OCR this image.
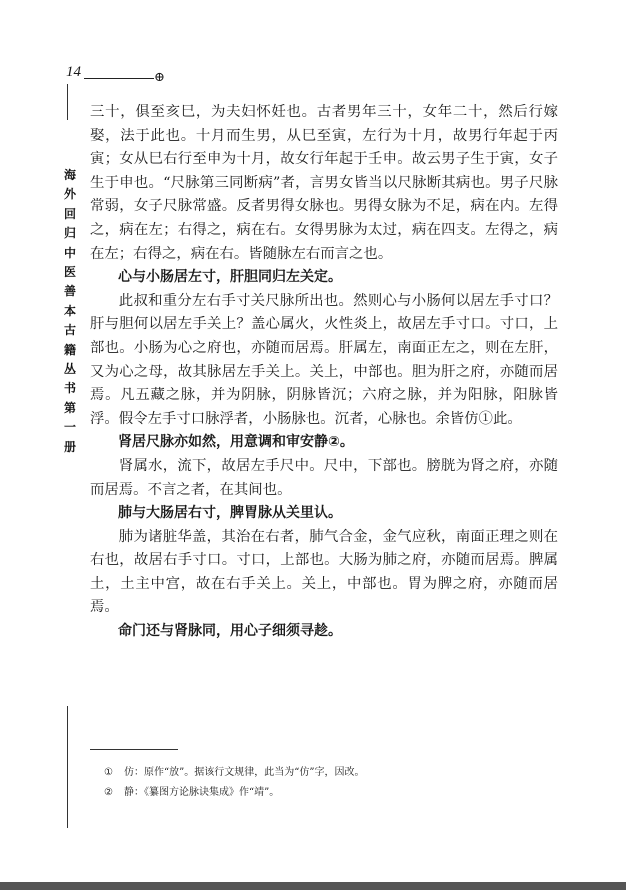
14	⊕
海外回归中医善本古籍丛书第一册

三十，俱至亥巳，为夫妇怀妊也。古者男年三十，女年二十，然后行嫁娶，法于此也。十月而生男，从巳至寅，左行为十月，故男行年起于丙寅；女从巳右行至申为十月，故女行年起于壬申。故云男子生于寅，女子生于申也。“尺脉第三同断病”者，言男女皆当以尺脉断其病也。男子尺脉常弱，女子尺脉常盛。反者男得女脉也。男得女脉为不足，病在内。左得之，病在左；右得之，病在右。女得男脉为太过，病在四支。左得之，病在左；右得之，病在右。皆随脉左右而言之也。

心与小肠居左寸，肝胆同归左关定。

此叔和重分左右手寸关尺脉所出也。然则心与小肠何以居左手寸口？肝与胆何以居左手关上？盖心属火，火性炎上，故居左手寸口。寸口，上部也。小肠为心之府也，亦随而居焉。肝属左，南面正左之，则在左肝，又为心之母，故其脉居左手关上。关上，中部也。胆为肝之府，亦随而居焉。凡五藏之脉，并为阴脉，阴脉皆沉；六府之脉，并为阳脉，阳脉皆浮。假令左手寸口脉浮者，小肠脉也。沉者，心脉也。余皆仿①此。

肾居尺脉亦如然，用意调和审安静②。

肾属水，流下，故居左手尺中。尺中，下部也。膀胱为肾之府，亦随而居焉。不言之者，在其间也。

肺与大肠居右寸，脾胃脉从关里认。

肺为诸脏华盖，其治在右者，肺气合金，金气应秋，南面正理之则在右也，故居右手寸口。寸口，上部也。大肠为肺之府，亦随而居焉。脾属土，土主中宫，故在右手关上。关上，中部也。胃为脾之府，亦随而居焉。

命门还与肾脉同，用心子细须寻趁。

① 仿：原作“放”。据该行文规律，此当为“仿”字，因改。

② 静：《纂图方论脉诀集成》作“靖”。
